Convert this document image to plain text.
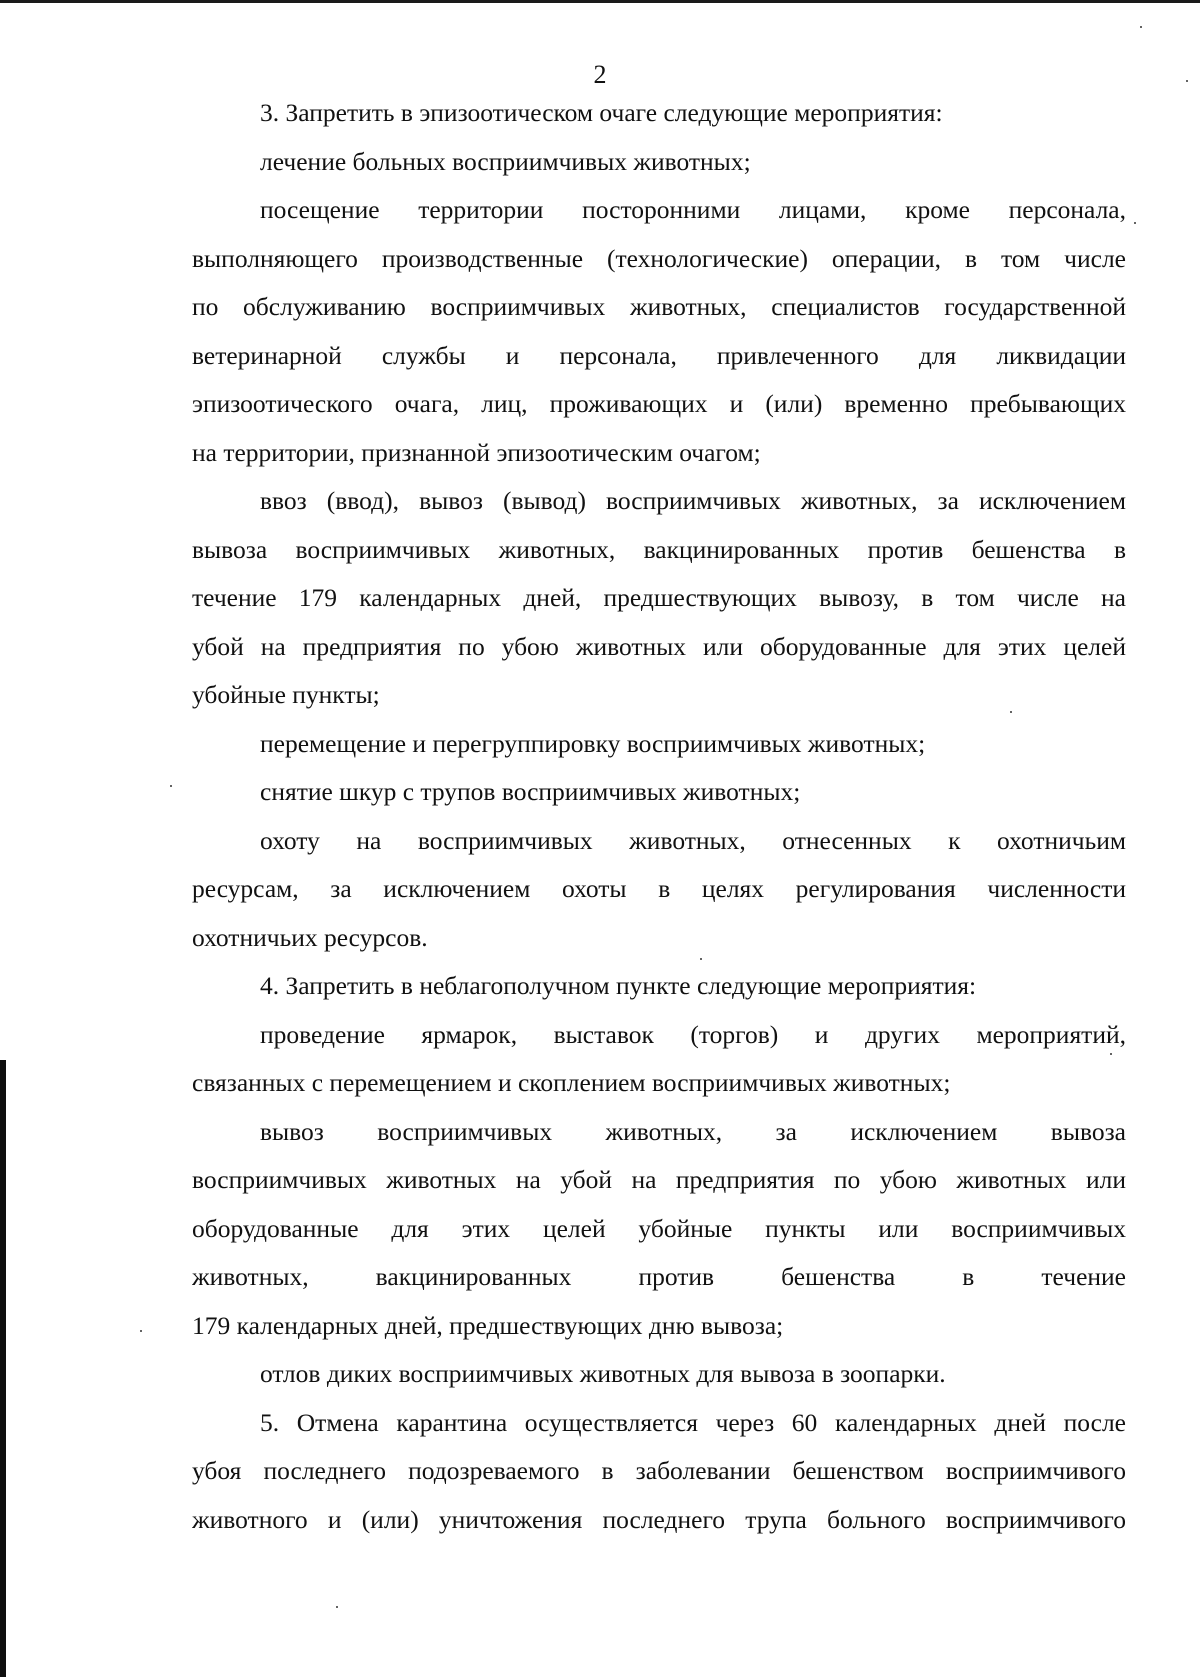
2
3. Запретить в эпизоотическом очаге следующие мероприятия:
лечение больных восприимчивых животных;
посещение территории посторонними лицами, кроме персонала,
выполняющего производственные (технологические) операции, в том числе
по обслуживанию восприимчивых животных, специалистов государственной
ветеринарной службы и персонала, привлеченного для ликвидации
эпизоотического очага, лиц, проживающих и (или) временно пребывающих
на территории, признанной эпизоотическим очагом;
ввоз (ввод), вывоз (вывод) восприимчивых животных, за исключением
вывоза восприимчивых животных, вакцинированных против бешенства в
течение 179 календарных дней, предшествующих вывозу, в том числе на
убой на предприятия по убою животных или оборудованные для этих целей
убойные пункты;
перемещение и перегруппировку восприимчивых животных;
снятие шкур с трупов восприимчивых животных;
охоту на восприимчивых животных, отнесенных к охотничьим
ресурсам, за исключением охоты в целях регулирования численности
охотничьих ресурсов.
4. Запретить в неблагополучном пункте следующие мероприятия:
проведение ярмарок, выставок (торгов) и других мероприятий,
связанных с перемещением и скоплением восприимчивых животных;
вывоз восприимчивых животных, за исключением вывоза
восприимчивых животных на убой на предприятия по убою животных или
оборудованные для этих целей убойные пункты или восприимчивых
животных, вакцинированных против бешенства в течение
179 календарных дней, предшествующих дню вывоза;
отлов диких восприимчивых животных для вывоза в зоопарки.
5. Отмена карантина осуществляется через 60 календарных дней после
убоя последнего подозреваемого в заболевании бешенством восприимчивого
животного и (или) уничтожения последнего трупа больного восприимчивого
